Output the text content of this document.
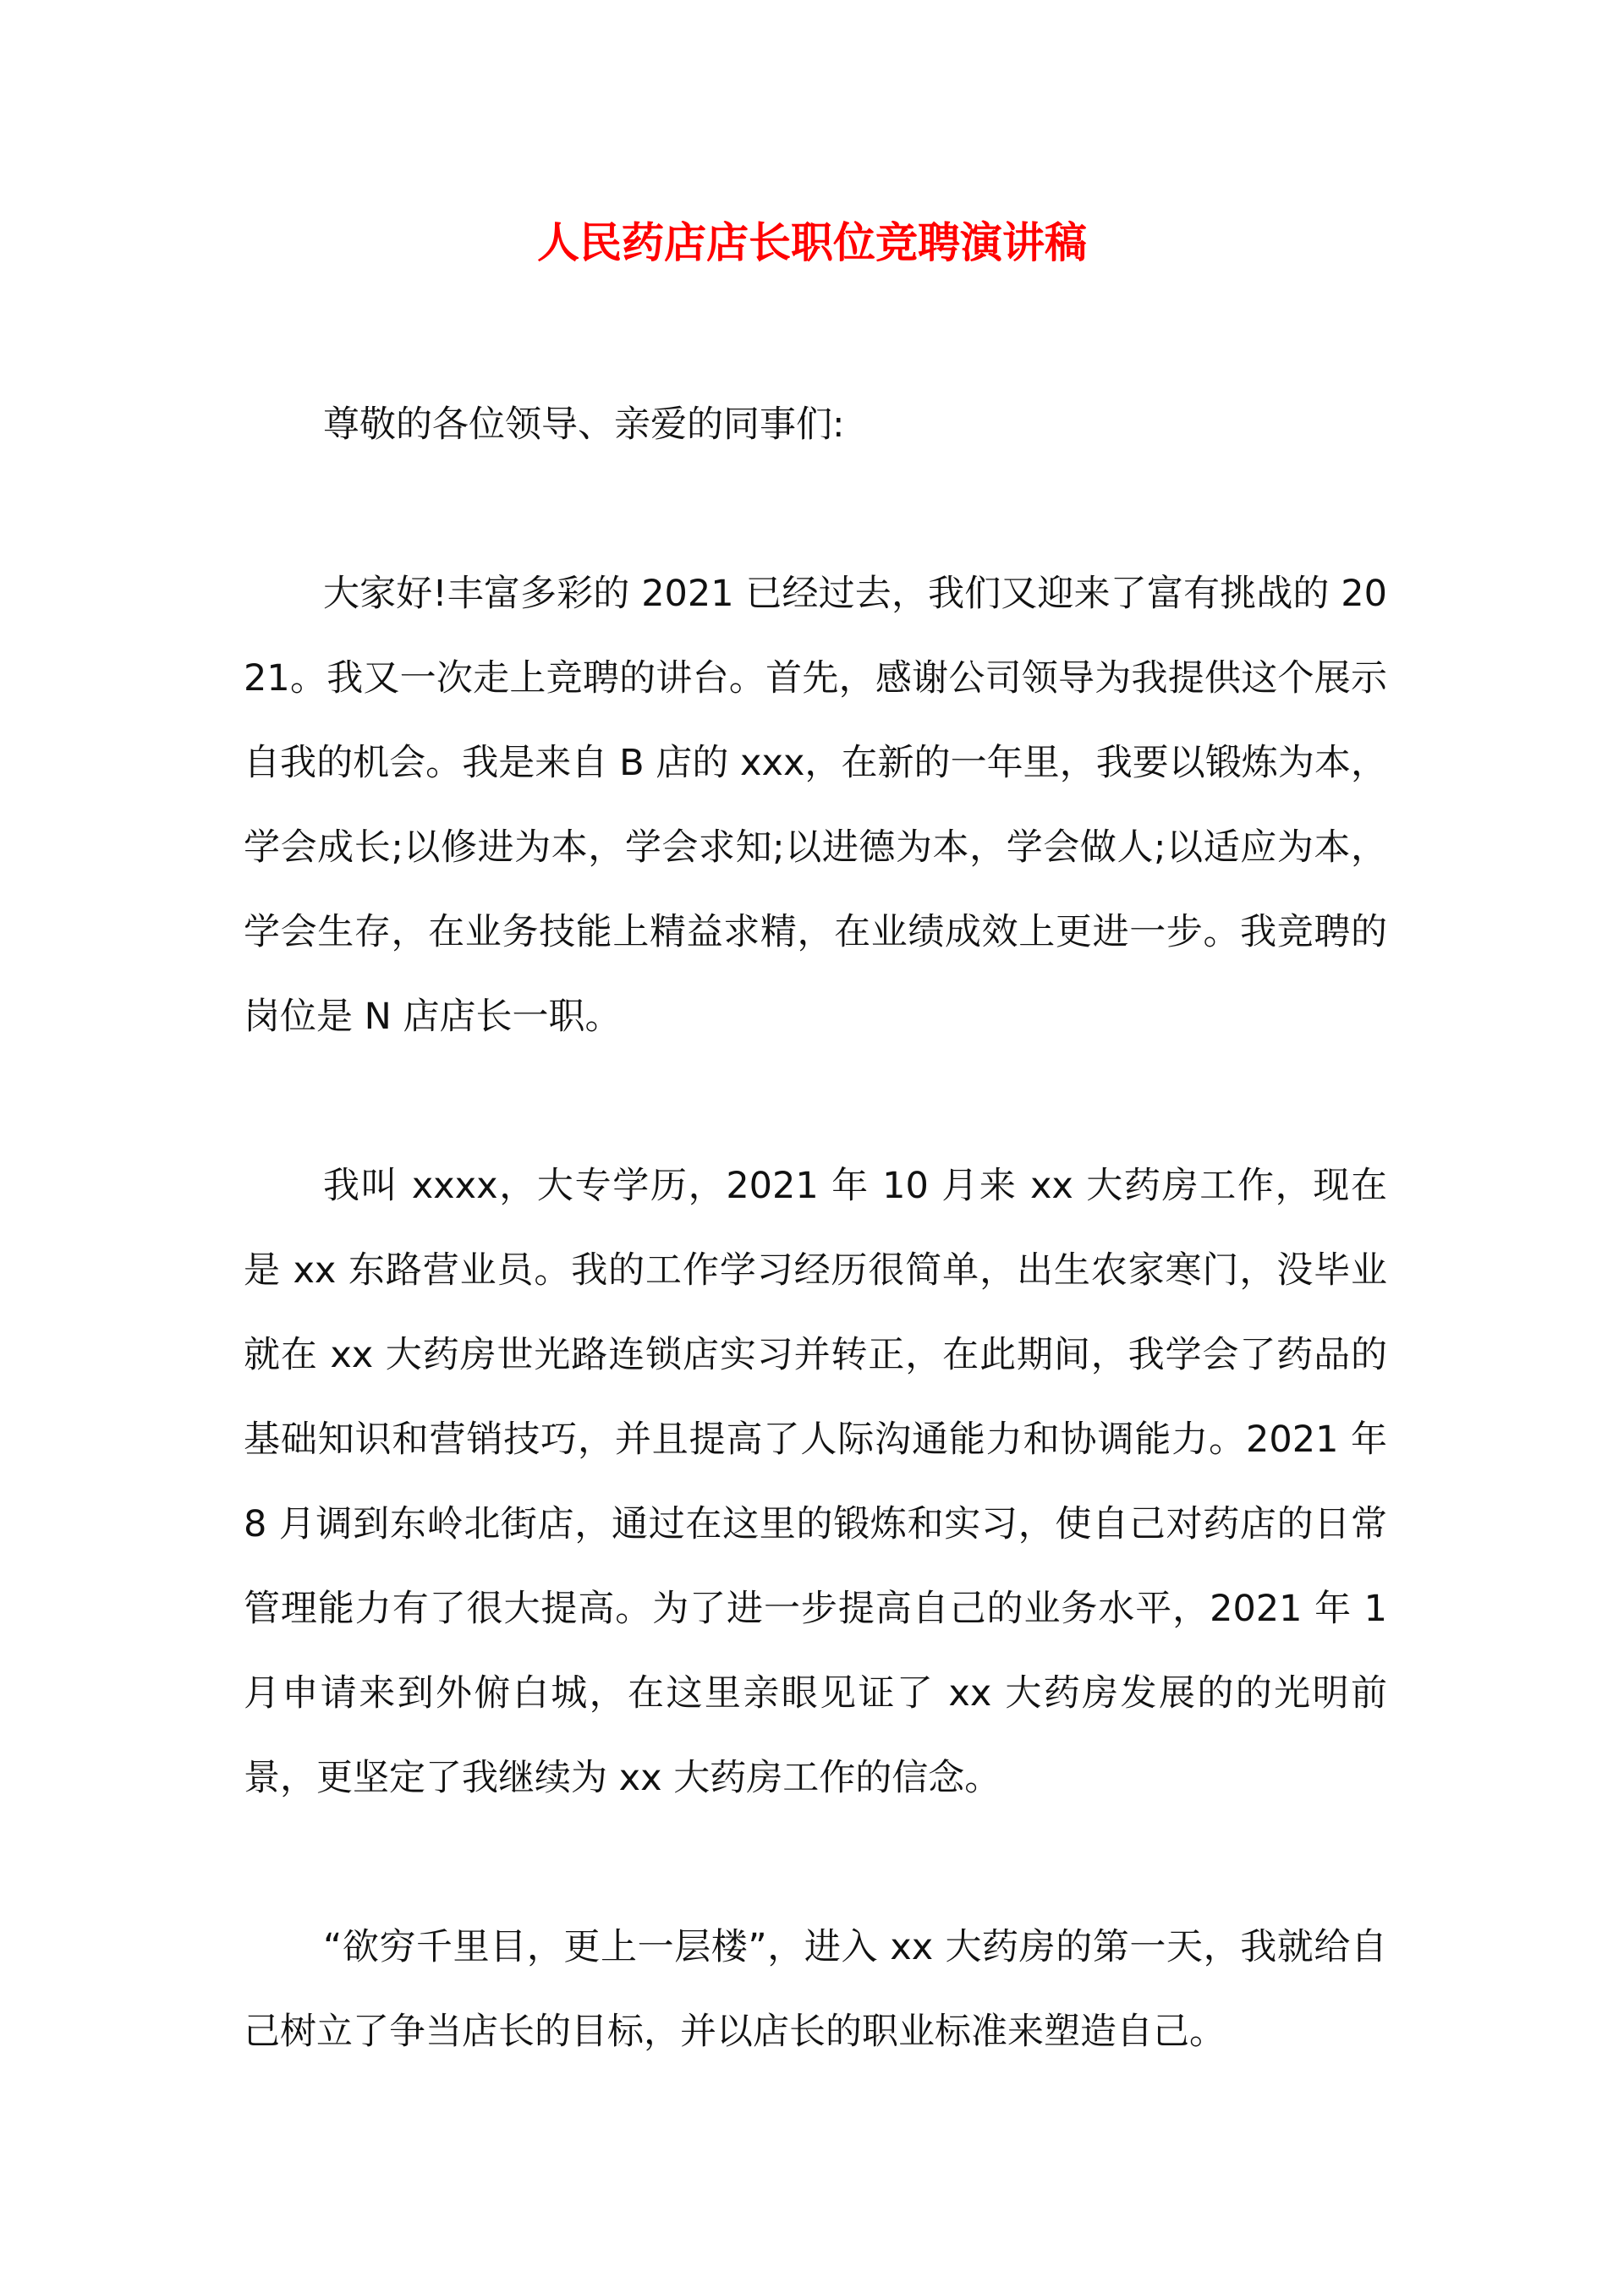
人民药店店长职位竞聘演讲稿

尊敬的各位领导、亲爱的同事们:

大家好!丰富多彩的 2021 已经过去，我们又迎来了富有挑战的 2021。我又一次走上竞聘的讲台。首先，感谢公司领导为我提供这个展示自我的机会。我是来自 B 店的 xxx，在新的一年里，我要以锻炼为本，学会成长;以修进为本，学会求知;以进德为本，学会做人;以适应为本，学会生存，在业务技能上精益求精，在业绩成效上更进一步。我竞聘的岗位是 N 店店长一职。

我叫 xxxx，大专学历，2021 年 10 月来 xx 大药房工作，现在是 xx 东路营业员。我的工作学习经历很简单，出生农家寒门，没毕业就在 xx 大药房世光路连锁店实习并转正，在此期间，我学会了药品的基础知识和营销技巧，并且提高了人际沟通能力和协调能力。2021 年 8 月调到东岭北街店，通过在这里的锻炼和实习，使自己对药店的日常管理能力有了很大提高。为了进一步提高自己的业务水平，2021 年 1 月申请来到外俯白城，在这里亲眼见证了 xx 大药房发展的的光明前景，更坚定了我继续为 xx 大药房工作的信念。

“欲穷千里目，更上一层楼”，进入 xx 大药房的第一天，我就给自己树立了争当店长的目标，并以店长的职业标准来塑造自己。
